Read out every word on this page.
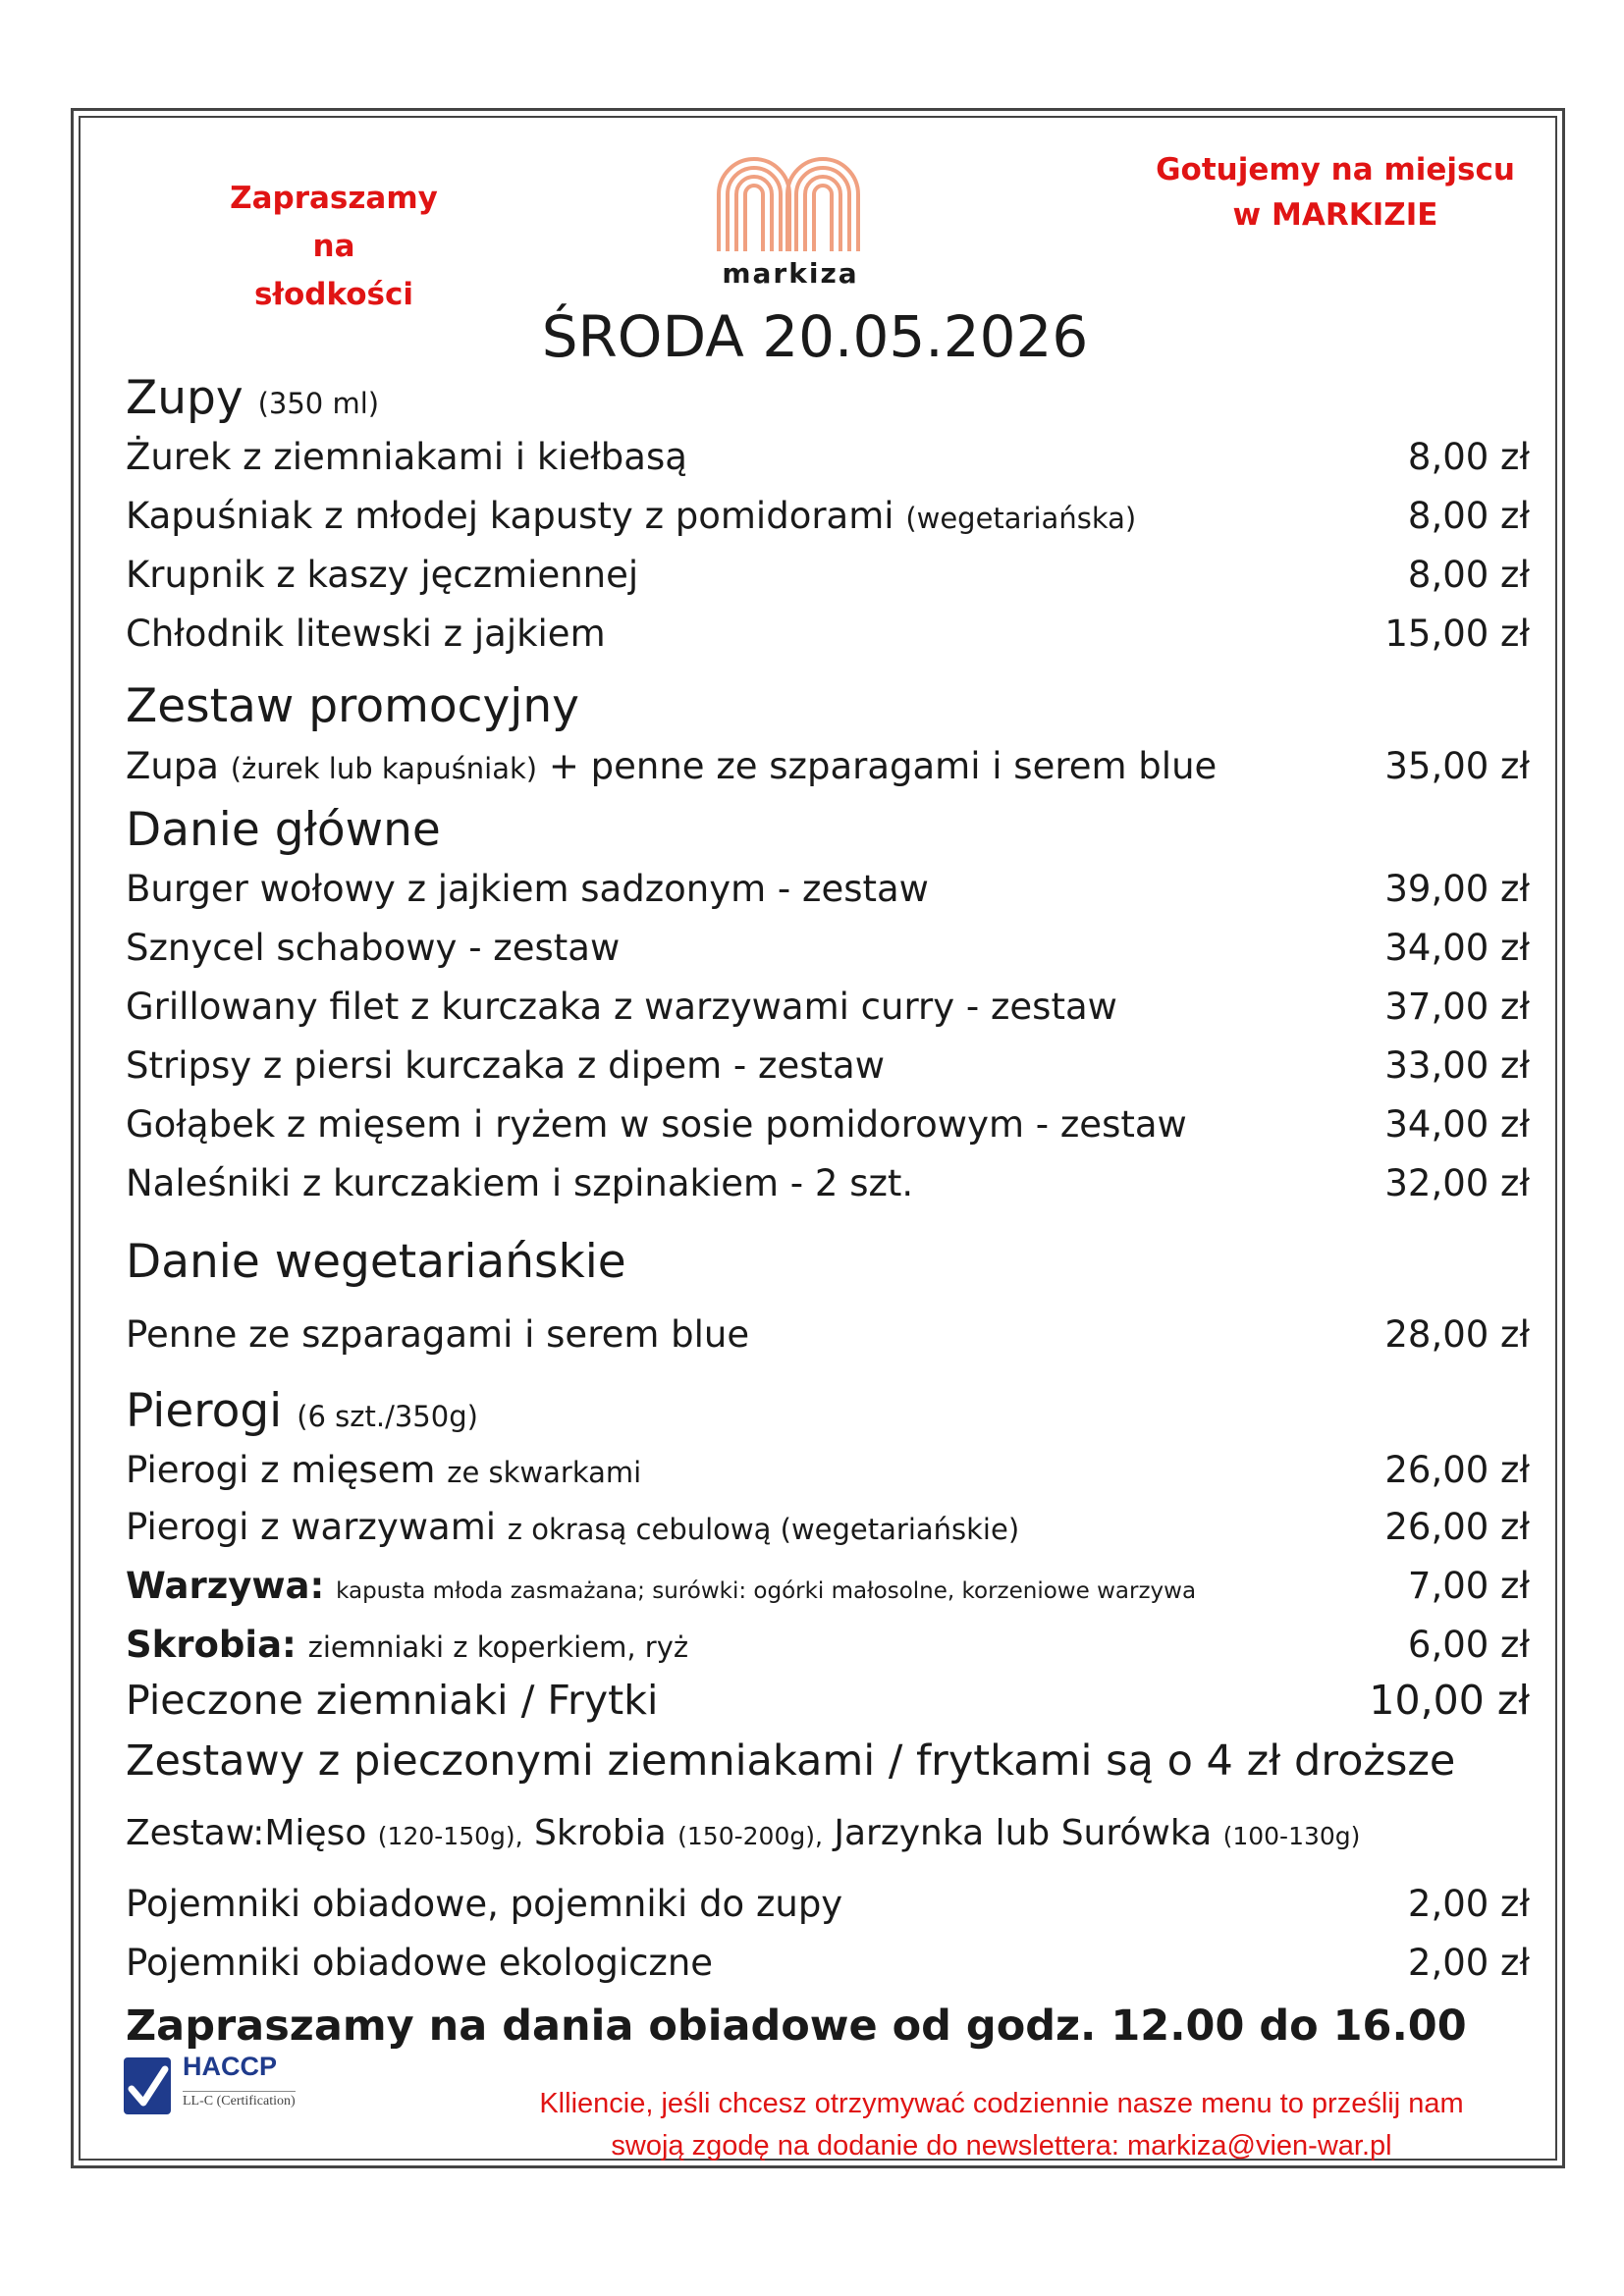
Zapraszamy na
słodkości
markiza
Gotujemy na miejscu
w MARKIZIE
ŚRODA 20.05.2026
Zupy (350 ml)
Żurek z ziemniakami i kiełbasą	8,00 zł
Kapuśniak z młodej kapusty z pomidorami (wegetariańska)	8,00 zł
Krupnik z kaszy jęczmiennej	8,00 zł
Chłodnik litewski z jajkiem	15,00 zł
Zestaw promocyjny
Zupa (żurek lub kapuśniak) + penne ze szparagami i serem blue	35,00 zł
Danie główne
Burger wołowy z jajkiem sadzonym - zestaw	39,00 zł
Sznycel schabowy - zestaw	34,00 zł
Grillowany filet z kurczaka z warzywami curry - zestaw	37,00 zł
Stripsy z piersi kurczaka z dipem - zestaw	33,00 zł
Gołąbek z mięsem i ryżem w sosie pomidorowym - zestaw	34,00 zł
Naleśniki z kurczakiem i szpinakiem - 2 szt.	32,00 zł
Danie wegetariańskie
Penne ze szparagami i serem blue	28,00 zł
Pierogi (6 szt./350g)
Pierogi z mięsem ze skwarkami	26,00 zł
Pierogi z warzywami z okrasą cebulową (wegetariańskie)	26,00 zł
Warzywa: kapusta młoda zasmażana; surówki: ogórki małosolne, korzeniowe warzywa	7,00 zł
Skrobia: ziemniaki z koperkiem, ryż	6,00 zł
Pieczone ziemniaki / Frytki	10,00 zł
Zestawy z pieczonymi ziemniakami / frytkami są o 4 zł droższe
Zestaw:Mięso (120-150g), Skrobia (150-200g), Jarzynka lub Surówka (100-130g)
Pojemniki obiadowe, pojemniki do zupy	2,00 zł
Pojemniki obiadowe ekologiczne	2,00 zł
Zapraszamy na dania obiadowe od godz. 12.00 do 16.00
HACCP
LL-C (Certification)	Klliencie, jeśli chcesz otrzymywać codziennie nasze menu to prześlij nam
swoją zgodę na dodanie do newslettera: markiza@vien-war.pl
